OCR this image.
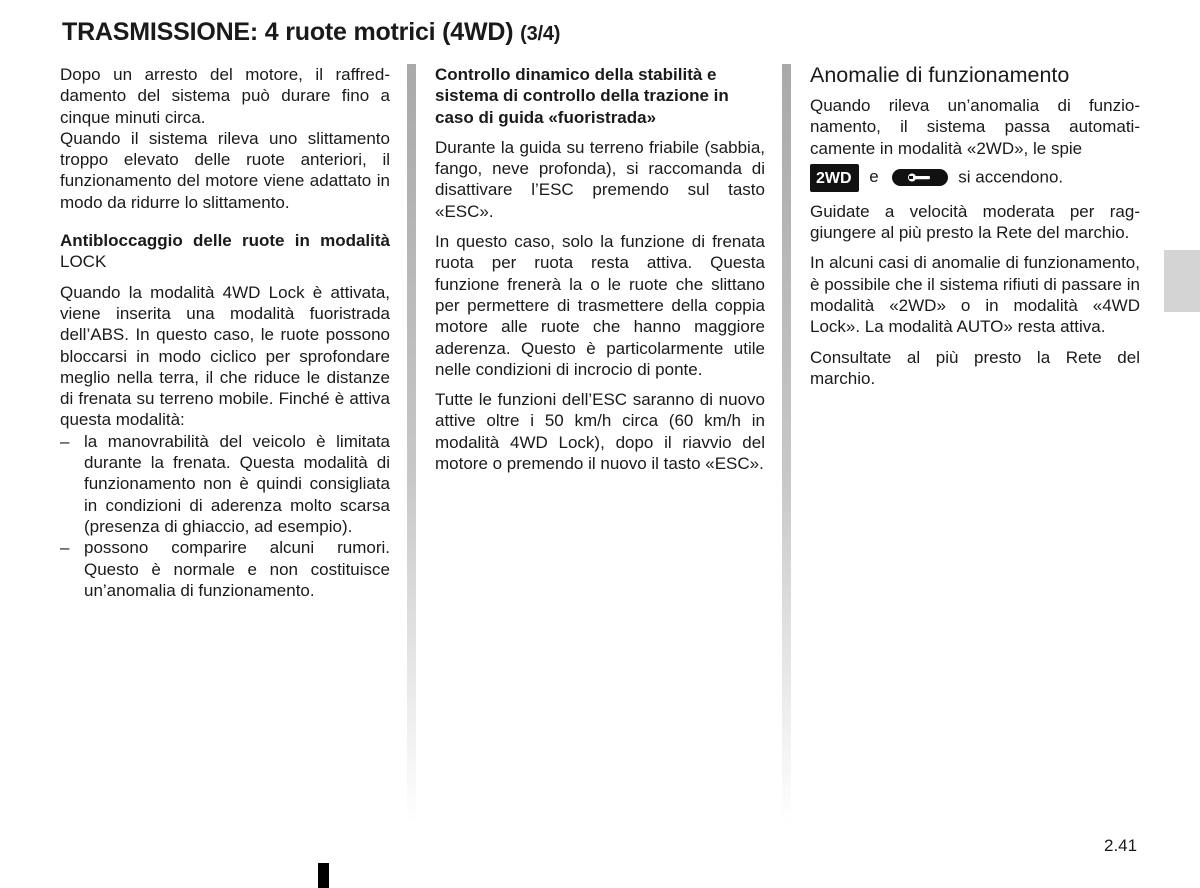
TRASMISSIONE: 4 ruote motrici (4WD) (3/4)

Dopo un arresto del motore, il raffreddamento del sistema può durare fino a cinque minuti circa.

Quando il sistema rileva uno slittamento troppo elevato delle ruote anteriori, il funzionamento del motore viene adattato in modo da ridurre lo slittamento.

Antibloccaggio delle ruote in modalità LOCK

Quando la modalità 4WD Lock è attivata, viene inserita una modalità fuoristrada dell’ABS. In questo caso, le ruote possono bloccarsi in modo ciclico per sprofondare meglio nella terra, il che riduce le distanze di frenata su terreno mobile. Finché è attiva questa modalità:

– la manovrabilità del veicolo è limitata durante la frenata. Questa modalità di funzionamento non è quindi consigliata in condizioni di aderenza molto scarsa (presenza di ghiaccio, ad esempio).
– possono comparire alcuni rumori. Questo è normale e non costituisce un’anomalia di funzionamento.

Controllo dinamico della stabilità e sistema di controllo della trazione in caso di guida «fuoristrada»

Durante la guida su terreno friabile (sabbia, fango, neve profonda), si raccomanda di disattivare l’ESC premendo sul tasto «ESC».

In questo caso, solo la funzione di frenata ruota per ruota resta attiva. Questa funzione frenerà la o le ruote che slittano per permettere di trasmettere della coppia motore alle ruote che hanno maggiore aderenza. Questo è particolarmente utile nelle condizioni di incrocio di ponte.

Tutte le funzioni dell’ESC saranno di nuovo attive oltre i 50 km/h circa (60 km/h in modalità 4WD Lock), dopo il riavvio del motore o premendo il nuovo il tasto «ESC».

Anomalie di funzionamento

Quando rileva un’anomalia di funzionamento, il sistema passa automaticamente in modalità «2WD», le spie

2WD e	si accendono.

Guidate a velocità moderata per raggiungere al più presto la Rete del marchio.

In alcuni casi di anomalie di funzionamento, è possibile che il sistema rifiuti di passare in modalità «2WD» o in modalità «4WD Lock». La modalità AUTO» resta attiva.

Consultate al più presto la Rete del marchio.

2.41
